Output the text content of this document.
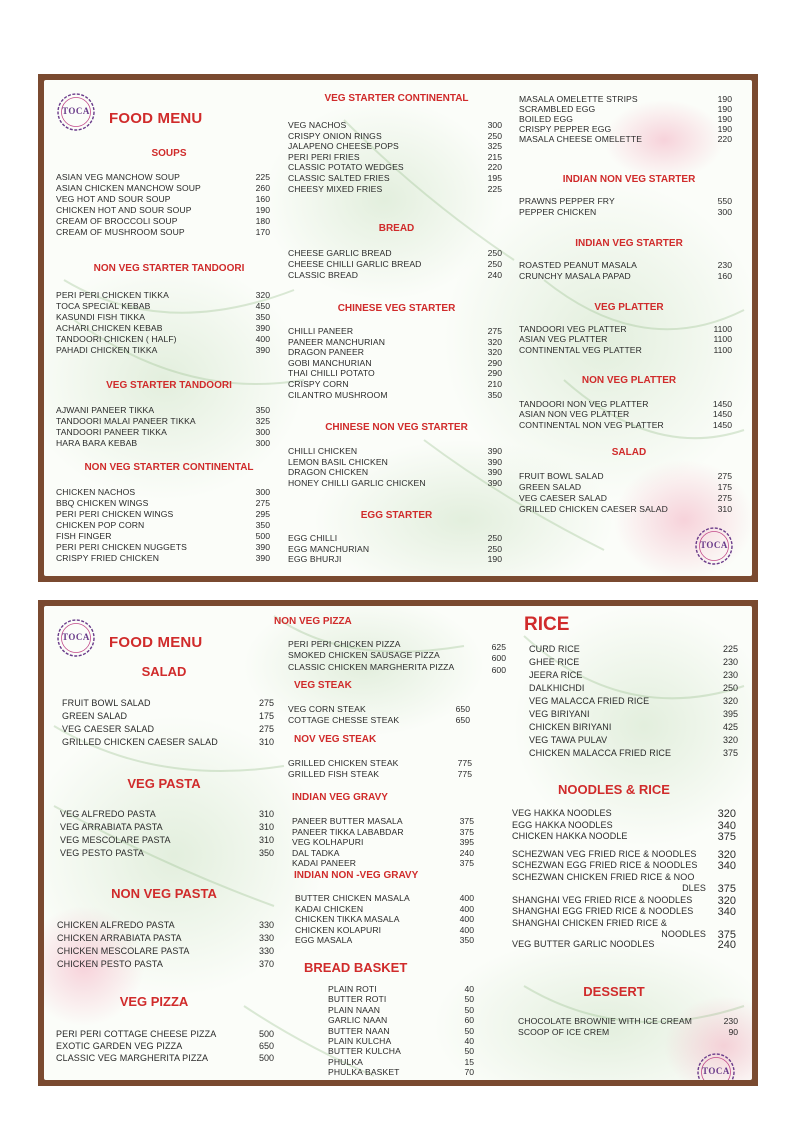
TOCA	FOOD MENU
TOCA
SOUPS
ASIAN VEG MANCHOW SOUP	225
ASIAN CHICKEN MANCHOW SOUP	260
VEG HOT AND SOUR SOUP	160
CHICKEN HOT AND SOUR SOUP	190
CREAM OF BROCCOLI SOUP	180
CREAM OF MUSHROOM SOUP	170
NON VEG STARTER TANDOORI
PERI PERI CHICKEN TIKKA	320
TOCA SPECIAL KEBAB	450
KASUNDI FISH TIKKA	350
ACHARI CHICKEN KEBAB	390
TANDOORI CHICKEN ( HALF)	400
PAHADI CHICKEN TIKKA	390
VEG STARTER TANDOORI
AJWANI PANEER TIKKA	350
TANDOORI MALAI PANEER TIKKA	325
TANDOORI PANEER TIKKA	300
HARA BARA KEBAB	300
NON VEG STARTER CONTINENTAL
CHICKEN NACHOS	300
BBQ CHICKEN WINGS	275
PERI PERI CHICKEN WINGS	295
CHICKEN POP CORN	350
FISH FINGER	500
PERI PERI CHICKEN NUGGETS	390
CRISPY FRIED CHICKEN	390
VEG STARTER CONTINENTAL
VEG NACHOS	300
CRISPY ONION RINGS	250
JALAPENO CHEESE POPS	325
PERI PERI FRIES	215
CLASSIC POTATO WEDGES	220
CLASSIC SALTED FRIES	195
CHEESY MIXED FRIES	225
BREAD
CHEESE GARLIC BREAD	250
CHEESE CHILLI GARLIC BREAD	250
CLASSIC BREAD	240
CHINESE VEG STARTER
CHILLI PANEER	275
PANEER MANCHURIAN	320
DRAGON PANEER	320
GOBI MANCHURIAN	290
THAI CHILLI POTATO	290
CRISPY CORN	210
CILANTRO MUSHROOM	350
CHINESE NON VEG STARTER
CHILLI CHICKEN	390
LEMON BASIL CHICKEN	390
DRAGON CHICKEN	390
HONEY CHILLI GARLIC CHICKEN	390
EGG STARTER
EGG CHILLI	250
EGG MANCHURIAN	250
EGG BHURJI	190
MASALA OMELETTE STRIPS	190
SCRAMBLED EGG	190
BOILED EGG	190
CRISPY PEPPER EGG	190
MASALA CHEESE OMELETTE	220
INDIAN NON VEG STARTER
PRAWNS PEPPER FRY	550
PEPPER CHICKEN	300
INDIAN VEG STARTER
ROASTED PEANUT MASALA	230
CRUNCHY MASALA PAPAD	160
VEG PLATTER
TANDOORI VEG PLATTER	1100
ASIAN VEG PLATTER	1100
CONTINENTAL VEG PLATTER	1100
NON VEG PLATTER
TANDOORI NON VEG PLATTER	1450
ASIAN NON VEG PLATTER	1450
CONTINENTAL NON VEG PLATTER	1450
SALAD
FRUIT BOWL SALAD	275
GREEN SALAD	175
VEG CAESER SALAD	275
GRILLED CHICKEN CAESER SALAD	310
TOCA	FOOD MENU
TOCA
SALAD
FRUIT BOWL SALAD	275
GREEN SALAD	175
VEG CAESER SALAD	275
GRILLED CHICKEN CAESER SALAD	310
VEG PASTA
VEG ALFREDO PASTA	310
VEG ARRABIATA PASTA	310
VEG MESCOLARE PASTA	310
VEG PESTO PASTA	350
NON VEG PASTA
CHICKEN ALFREDO PASTA	330
CHICKEN ARRABIATA PASTA	330
CHICKEN MESCOLARE PASTA	330
CHICKEN PESTO PASTA	370
VEG PIZZA
PERI PERI COTTAGE CHEESE PIZZA	500
EXOTIC GARDEN VEG PIZZA	650
CLASSIC VEG MARGHERITA PIZZA	500
NON VEG PIZZA
PERI PERI CHICKEN PIZZA	625
SMOKED CHICKEN SAUSAGE PIZZA	600
CLASSIC CHICKEN MARGHERITA PIZZA	600
VEG STEAK
VEG CORN STEAK	650
COTTAGE CHESSE STEAK	650
NOV VEG STEAK
GRILLED CHICKEN STEAK	775
GRILLED FISH STEAK	775
INDIAN VEG GRAVY
PANEER BUTTER MASALA	375
PANEER TIKKA LABABDAR	375
VEG KOLHAPURI	395
DAL TADKA	240
KADAI PANEER	375
INDIAN NON -VEG GRAVY
BUTTER CHICKEN MASALA	400
KADAI CHICKEN	400
CHICKEN TIKKA MASALA	400
CHICKEN KOLAPURI	400
EGG MASALA	350
BREAD BASKET
PLAIN ROTI	40
BUTTER ROTI	50
PLAIN NAAN	50
GARLIC NAAN	60
BUTTER NAAN	50
PLAIN KULCHA	40
BUTTER KULCHA	50
PHULKA	15
PHULKA BASKET	70
RICE
CURD RICE	225
GHEE RICE	230
JEERA RICE	230
DALKHICHDI	250
VEG MALACCA FRIED RICE	320
VEG BIRIYANI	395
CHICKEN BIRIYANI	425
VEG TAWA PULAV	320
CHICKEN MALACCA FRIED RICE	375
NOODLES & RICE
VEG HAKKA NOODLES	320
EGG HAKKA NOODLES	340
CHICKEN HAKKA NOODLE	375
SCHEZWAN VEG FRIED RICE & NOODLES	320
SCHEZWAN EGG FRIED RICE & NOODLES	340
SCHEZWAN CHICKEN FRIED RICE & NOO
DLES	375
SHANGHAI VEG FRIED RICE & NOODLES	320
SHANGHAI EGG FRIED RICE & NOODLES	340
SHANGHAI CHICKEN FRIED RICE &
NOODLES	375
VEG BUTTER GARLIC NOODLES	240
DESSERT
CHOCOLATE BROWNIE WITH ICE CREAM	230
SCOOP OF ICE CREM	90
